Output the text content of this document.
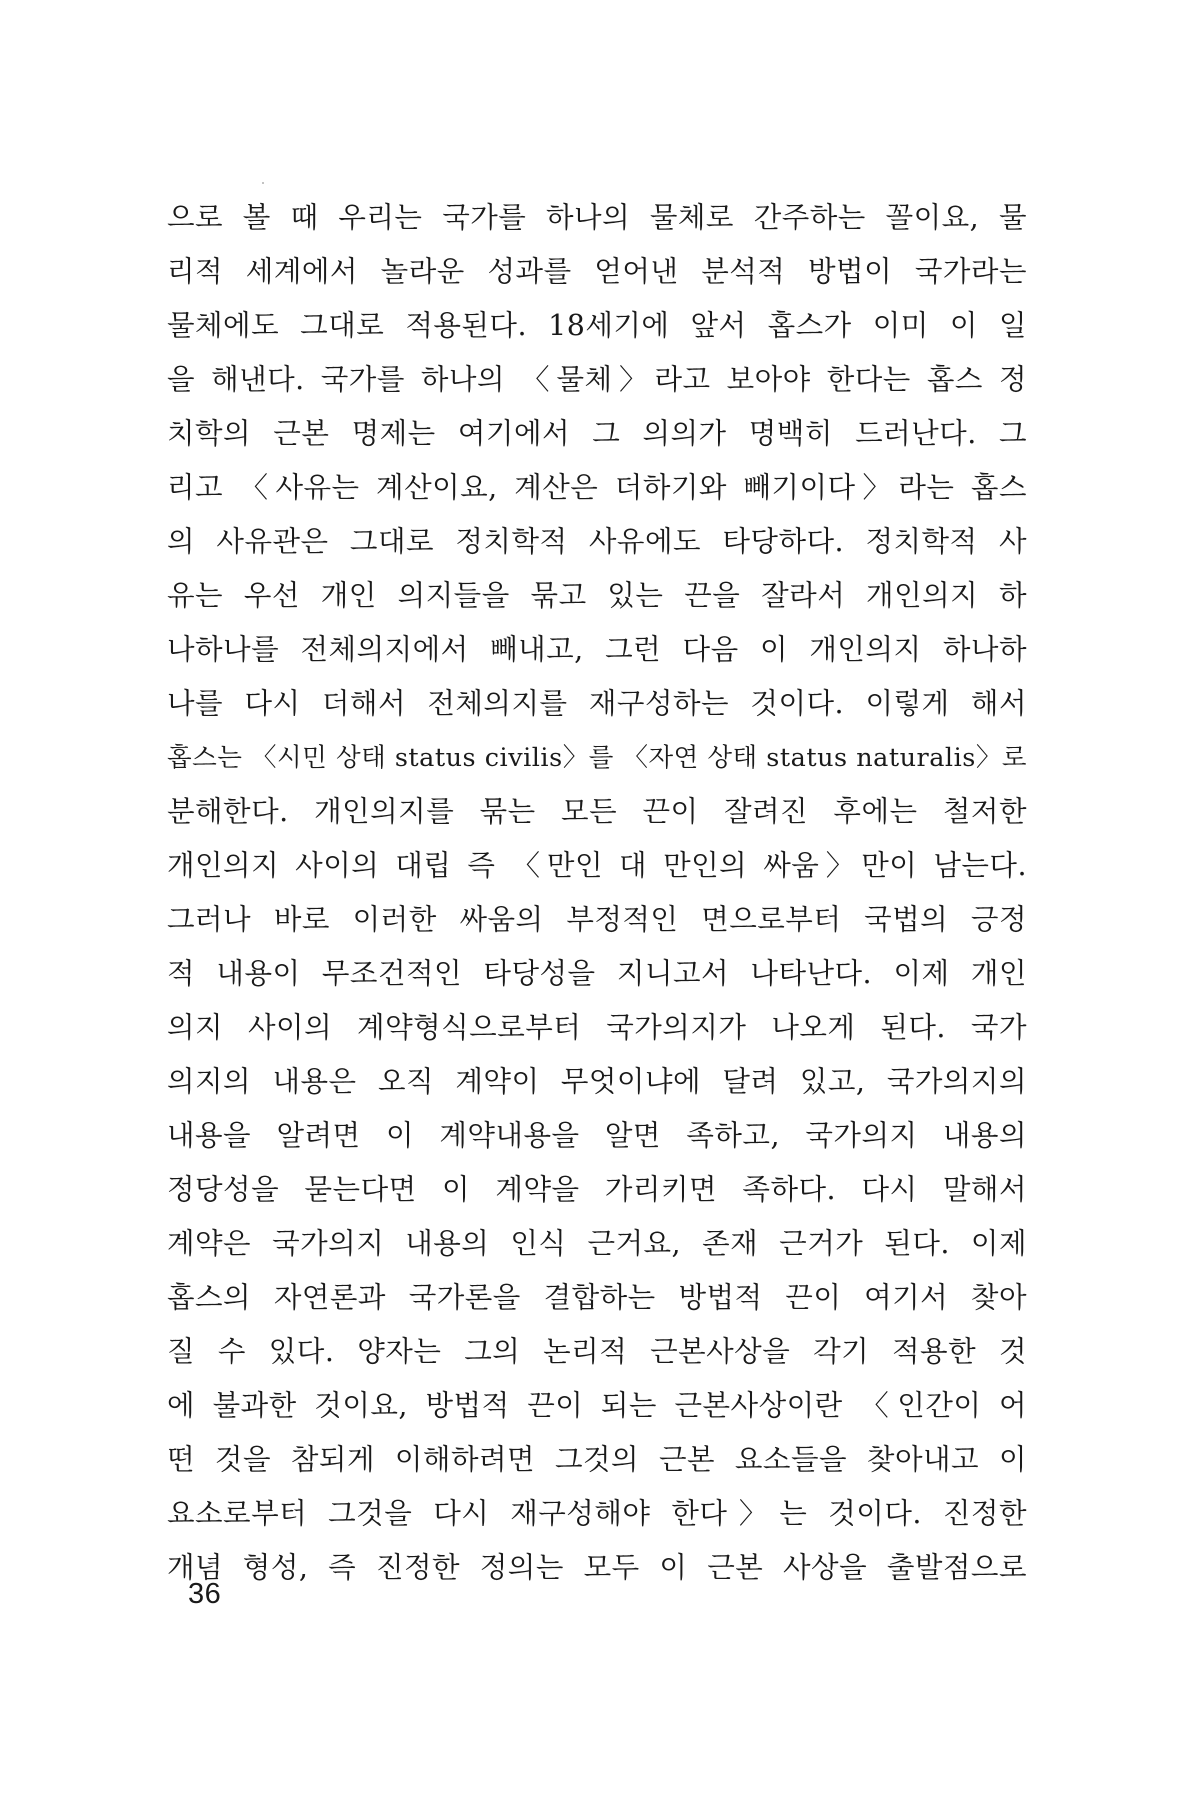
으로 볼 때 우리는 국가를 하나의 물체로 간주하는 꼴이요, 물
리적 세계에서 놀라운 성과를 얻어낸 분석적 방법이 국가라는
물체에도 그대로 적용된다. 18세기에 앞서 홉스가 이미 이 일
을 해낸다. 국가를 하나의 〈물체〉라고 보아야 한다는 홉스 정
치학의 근본 명제는 여기에서 그 의의가 명백히 드러난다. 그
리고 〈사유는 계산이요, 계산은 더하기와 빼기이다〉라는 홉스
의 사유관은 그대로 정치학적 사유에도 타당하다. 정치학적 사
유는 우선 개인 의지들을 묶고 있는 끈을 잘라서 개인의지 하
나하나를 전체의지에서 빼내고, 그런 다음 이 개인의지 하나하
나를 다시 더해서 전체의지를 재구성하는 것이다. 이렇게 해서
홉스는 〈시민 상태 status civilis〉를 〈자연 상태 status naturalis〉로
분해한다. 개인의지를 묶는 모든 끈이 잘려진 후에는 철저한
개인의지 사이의 대립 즉 〈만인 대 만인의 싸움〉만이 남는다.
그러나 바로 이러한 싸움의 부정적인 면으로부터 국법의 긍정
적 내용이 무조건적인 타당성을 지니고서 나타난다. 이제 개인
의지 사이의 계약형식으로부터 국가의지가 나오게 된다. 국가
의지의 내용은 오직 계약이 무엇이냐에 달려 있고, 국가의지의
내용을 알려면 이 계약내용을 알면 족하고, 국가의지 내용의
정당성을 묻는다면 이 계약을 가리키면 족하다. 다시 말해서
계약은 국가의지 내용의 인식 근거요, 존재 근거가 된다. 이제
홉스의 자연론과 국가론을 결합하는 방법적 끈이 여기서 찾아
질 수 있다. 양자는 그의 논리적 근본사상을 각기 적용한 것
에 불과한 것이요, 방법적 끈이 되는 근본사상이란 〈인간이 어
떤 것을 참되게 이해하려면 그것의 근본 요소들을 찾아내고 이
요소로부터 그것을 다시 재구성해야 한다〉는 것이다. 진정한
개념 형성, 즉 진정한 정의는 모두 이 근본 사상을 출발점으로
36
